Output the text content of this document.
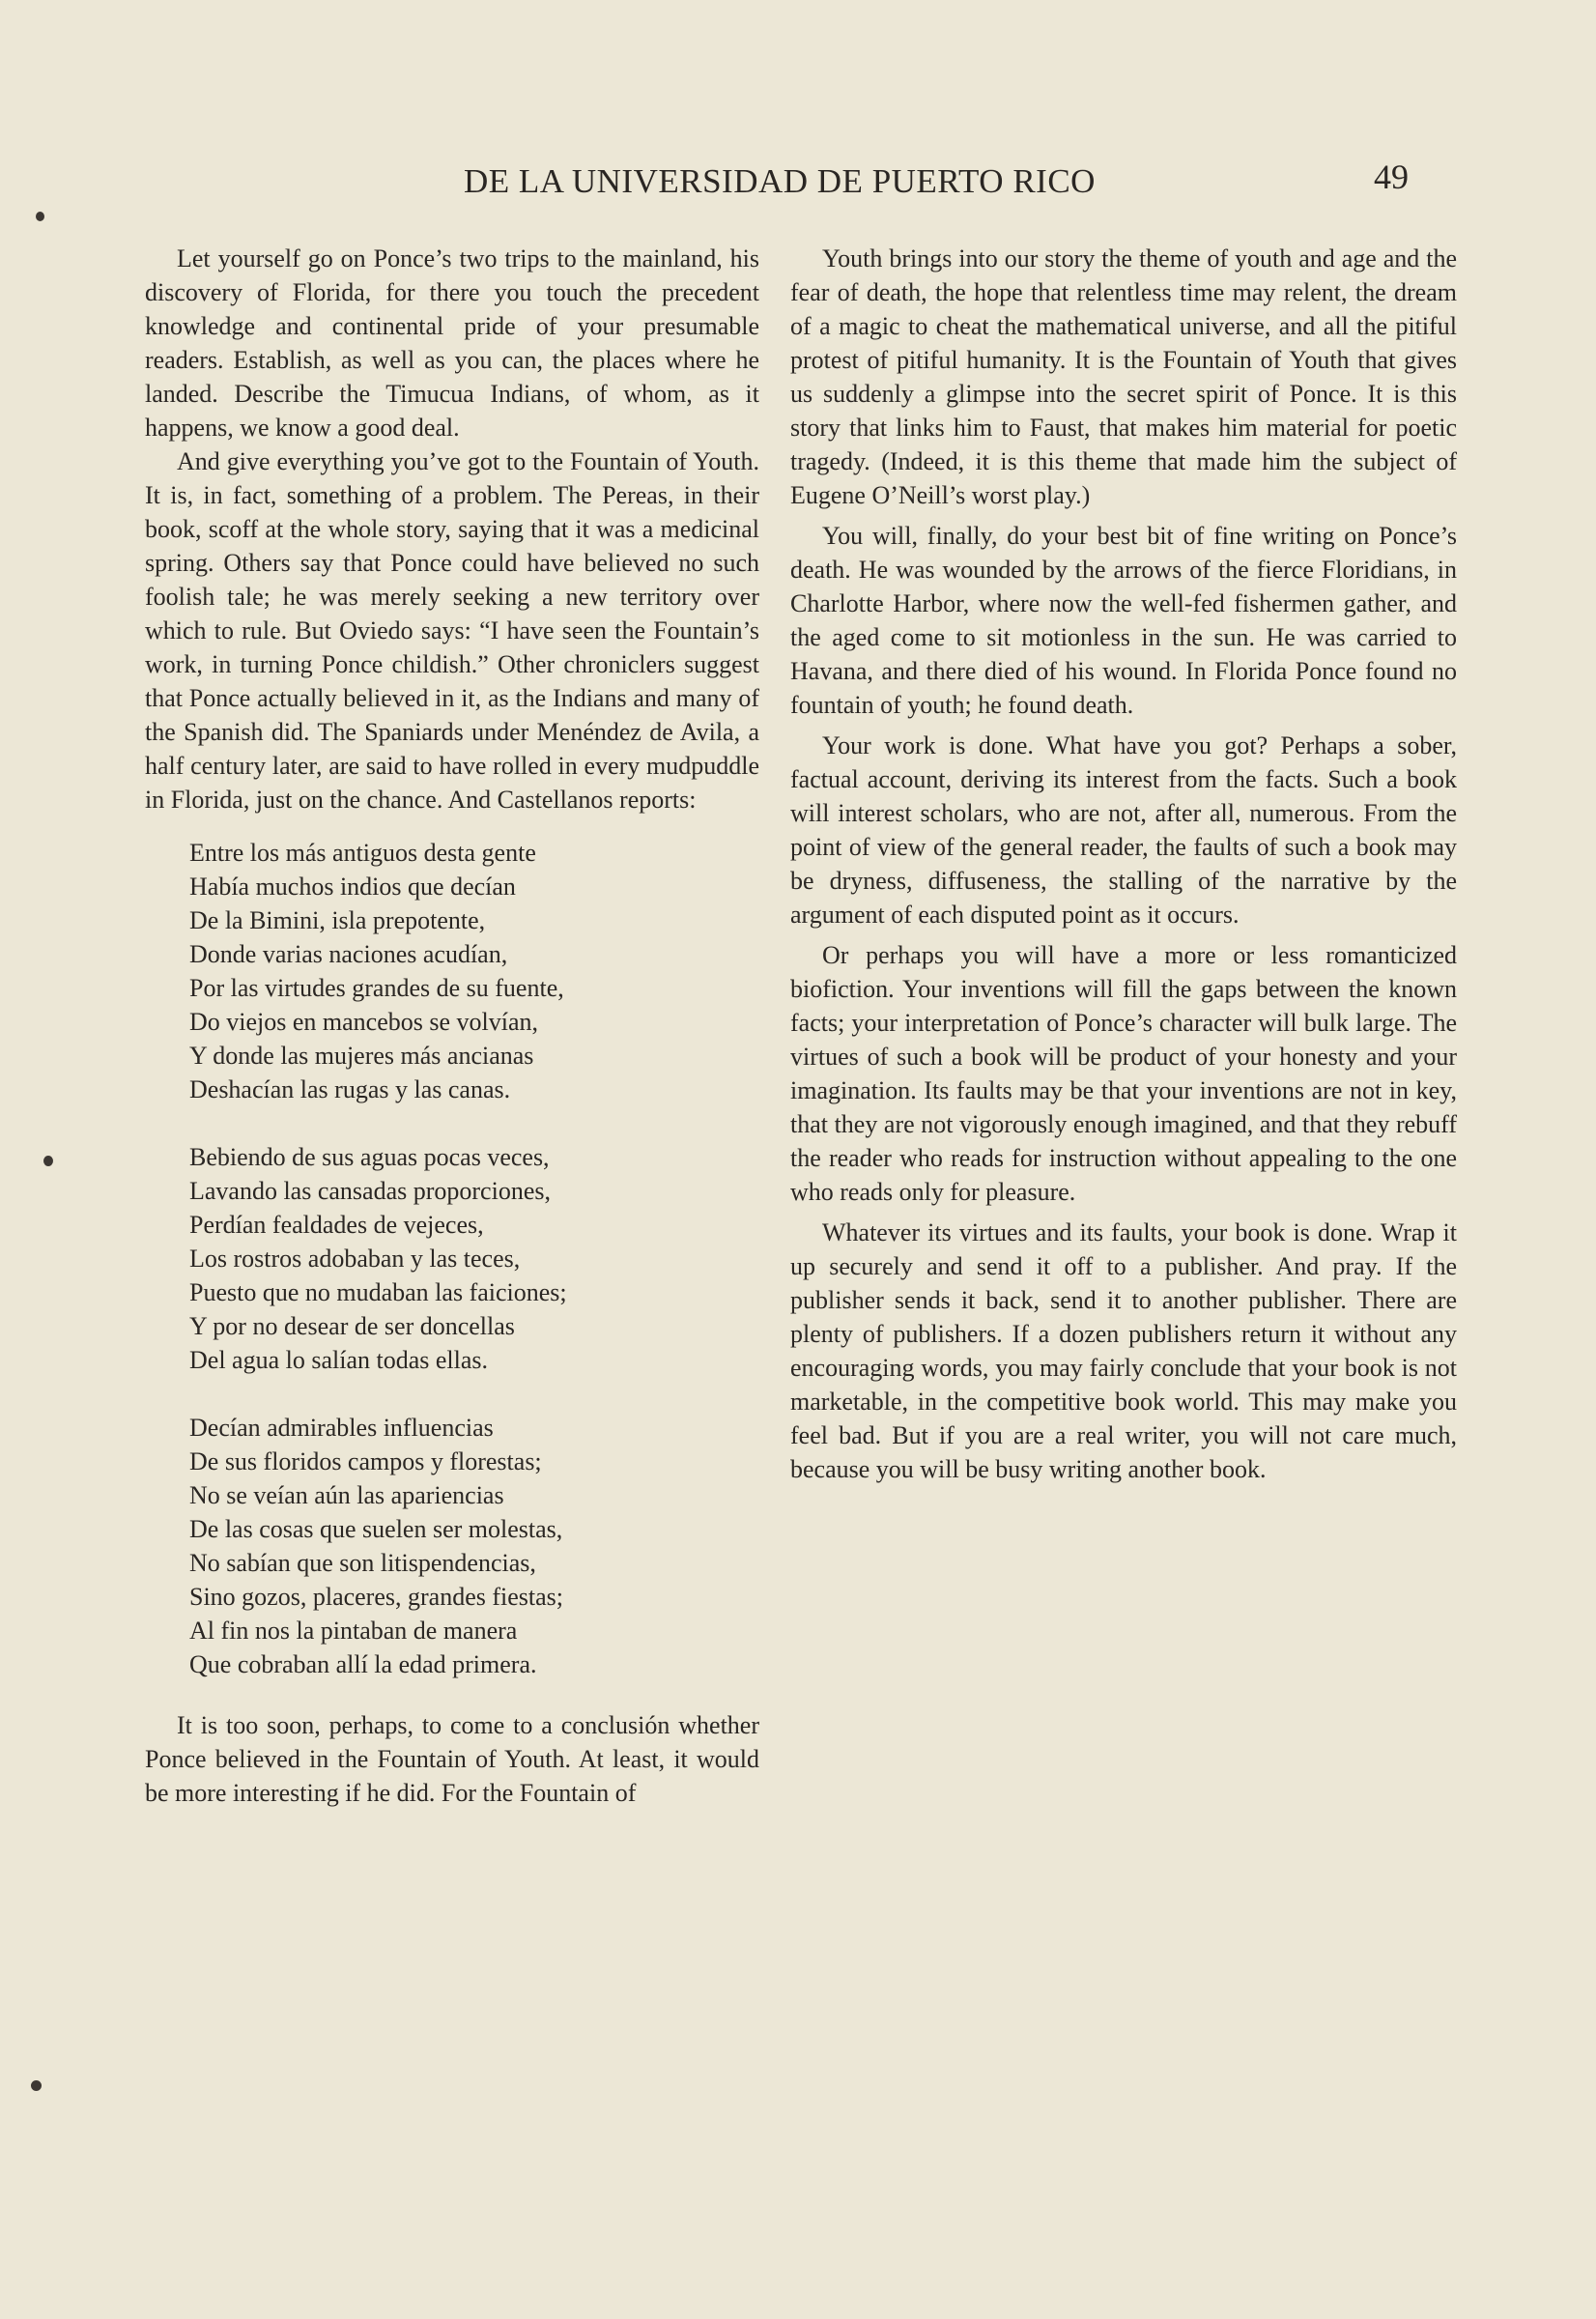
DE LA UNIVERSIDAD DE PUERTO RICO	49

Let yourself go on Ponce’s two trips to the mainland, his discovery of Florida, for there you touch the precedent knowledge and continental pride of your presumable readers. Establish, as well as you can, the places where he landed. Describe the Timucua Indians, of whom, as it happens, we know a good deal.

And give everything you’ve got to the Fountain of Youth. It is, in fact, something of a problem. The Pereas, in their book, scoff at the whole story, saying that it was a medicinal spring. Others say that Ponce could have believed no such foolish tale; he was merely seeking a new territory over which to rule. But Oviedo says: “I have seen the Fountain’s work, in turning Ponce childish.” Other chroniclers suggest that Ponce actually believed in it, as the Indians and many of the Spanish did. The Spaniards under Menéndez de Avila, a half century later, are said to have rolled in every mudpuddle in Florida, just on the chance. And Castellanos reports:

Entre los más antiguos desta gente
Había muchos indios que decían
De la Bimini, isla prepotente,
Donde varias naciones acudían,
Por las virtudes grandes de su fuente,
Do viejos en mancebos se volvían,
Y donde las mujeres más ancianas
Deshacían las rugas y las canas.
Bebiendo de sus aguas pocas veces,
Lavando las cansadas proporciones,
Perdían fealdades de vejeces,
Los rostros adobaban y las teces,
Puesto que no mudaban las faiciones;
Y por no desear de ser doncellas
Del agua lo salían todas ellas.
Decían admirables influencias
De sus floridos campos y florestas;
No se veían aún las apariencias
De las cosas que suelen ser molestas,
No sabían que son litispendencias,
Sino gozos, placeres, grandes fiestas;
Al fin nos la pintaban de manera
Que cobraban allí la edad primera.

It is too soon, perhaps, to come to a conclusión whether Ponce believed in the Fountain of Youth. At least, it would be more interesting if he did. For the Fountain of

Youth brings into our story the theme of youth and age and the fear of death, the hope that relentless time may relent, the dream of a magic to cheat the mathematical universe, and all the pitiful protest of pitiful humanity. It is the Fountain of Youth that gives us suddenly a glimpse into the secret spirit of Ponce. It is this story that links him to Faust, that makes him material for poetic tragedy. (Indeed, it is this theme that made him the subject of Eugene O’Neill’s worst play.)

You will, finally, do your best bit of fine writing on Ponce’s death. He was wounded by the arrows of the fierce Floridians, in Charlotte Harbor, where now the well-fed fishermen gather, and the aged come to sit motionless in the sun. He was carried to Havana, and there died of his wound. In Florida Ponce found no fountain of youth; he found death.

Your work is done. What have you got? Perhaps a sober, factual account, deriving its interest from the facts. Such a book will interest scholars, who are not, after all, numerous. From the point of view of the general reader, the faults of such a book may be dryness, diffuseness, the stalling of the narrative by the argument of each disputed point as it occurs.

Or perhaps you will have a more or less romanticized biofiction. Your inventions will fill the gaps between the known facts; your interpretation of Ponce’s character will bulk large. The virtues of such a book will be product of your honesty and your imagination. Its faults may be that your inventions are not in key, that they are not vigorously enough imagined, and that they rebuff the reader who reads for instruction without appealing to the one who reads only for pleasure.

Whatever its virtues and its faults, your book is done. Wrap it up securely and send it off to a publisher. And pray. If the publisher sends it back, send it to another publisher. There are plenty of publishers. If a dozen publishers return it without any encouraging words, you may fairly conclude that your book is not marketable, in the competitive book world. This may make you feel bad. But if you are a real writer, you will not care much, because you will be busy writing another book.
